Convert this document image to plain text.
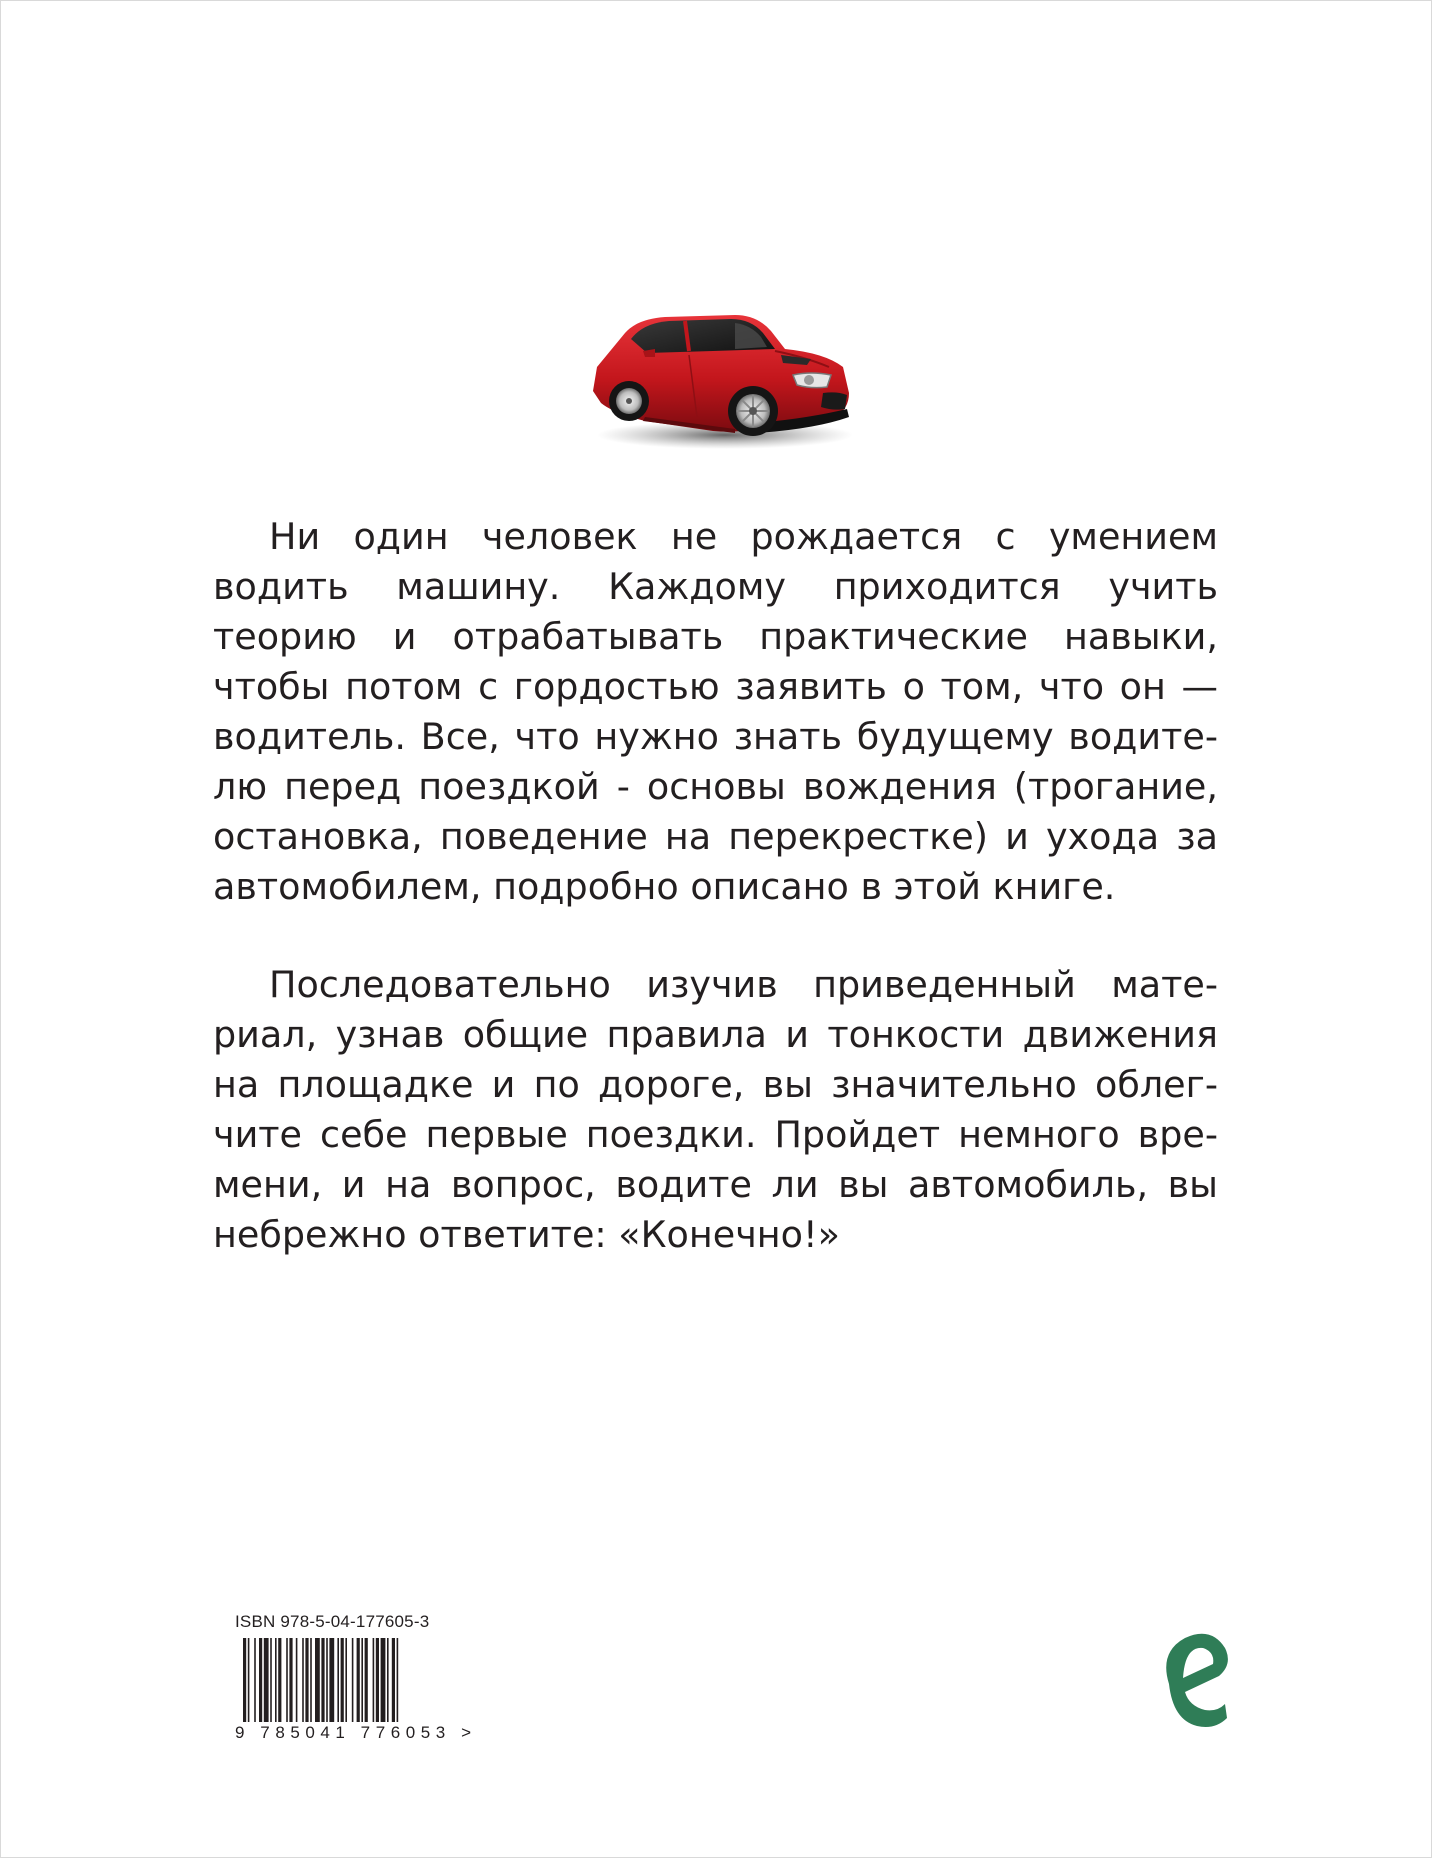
Ни один человек не рождается с умением
водить машину. Каждому приходится учить
теорию и отрабатывать практические навыки,
чтобы потом с гордостью заявить о том, что он —
водитель. Все, что нужно знать будущему водите-
лю перед поездкой - основы вождения (трогание,
остановка, поведение на перекрестке) и ухода за
автомобилем, подробно описано в этой книге.
Последовательно изучив приведенный мате-
риал, узнав общие правила и тонкости движения
на площадке и по дороге, вы значительно облег-
чите себе первые поездки. Пройдет немного вре-
мени, и на вопрос, водите ли вы автомобиль, вы
небрежно ответите: «Конечно!»
ISBN 978-5-04-177605-3
9 785041 776053 >
